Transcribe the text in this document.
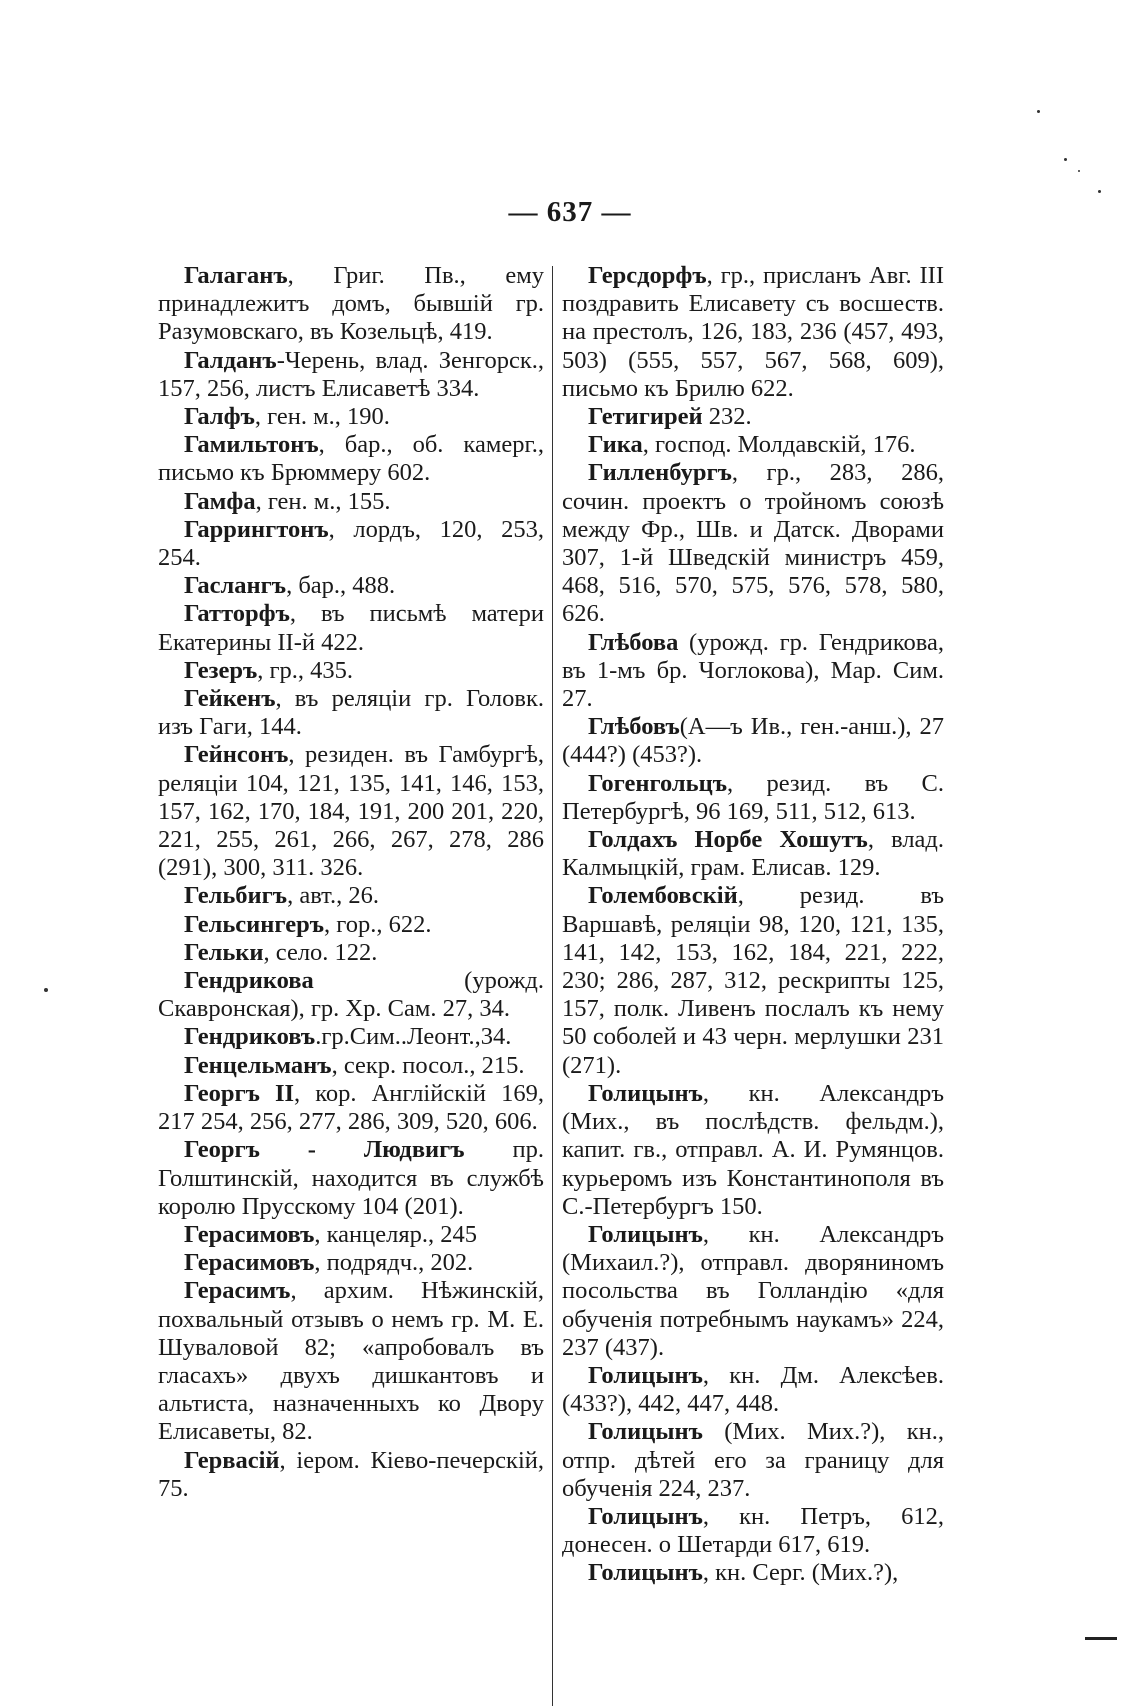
— 637 —

Галаганъ, Григ. Пв., ему принадлежитъ домъ, бывшій гр. Разумовскаго, въ Козельцѣ, 419.

Галданъ-Черень, влад. Зенгорск., 157, 256, листъ Елисаветѣ 334.

Галфъ, ген. м., 190.

Гамильтонъ, бар., об. камерг., письмо къ Брюммеру 602.

Гамфа, ген. м., 155.

Гаррингтонъ, лордъ, 120, 253, 254.

Гаслангъ, бар., 488.

Гатторфъ, въ письмѣ матери Екатерины II-й 422.

Гезеръ, гр., 435.

Гейкенъ, въ реляціи гр. Головк. изъ Гаги, 144.

Гейнсонъ, резиден. въ Гамбургѣ, реляціи 104, 121, 135, 141, 146, 153, 157, 162, 170, 184, 191, 200 201, 220, 221, 255, 261, 266, 267, 278, 286 (291), 300, 311. 326.

Гельбигъ, авт., 26.

Гельсингеръ, гор., 622.

Гельки, село. 122.

Гендрикова (урожд. Скавронская), гр. Хр. Сам. 27, 34.

Гендриковъ.гр.Сим..Леонт.,34.

Генцельманъ, секр. посол., 215.

Георгъ II, кор. Англійскій 169, 217 254, 256, 277, 286, 309, 520, 606.

Георгъ - Людвигъ пр. Голштинскій, находится въ службѣ королю Прусскому 104 (201).

Герасимовъ, канцеляр., 245

Герасимовъ, подрядч., 202.

Герасимъ, архим. Нѣжинскій, похвальный отзывъ о немъ гр. М. Е. Шуваловой 82; «апробовалъ въ гласахъ» двухъ дишкантовъ и альтиста, назначенныхъ ко Двору Елисаветы, 82.

Гервасій, іером. Кіево-печерскій, 75.

Герсдорфъ, гр., присланъ Авг. III поздравить Елисавету съ восшеств. на престолъ, 126, 183, 236 (457, 493, 503) (555, 557, 567, 568, 609), письмо къ Брилю 622.

Гетигирей 232.

Гика, господ. Молдавскій, 176.

Гилленбургъ, гр., 283, 286, сочин. проектъ о тройномъ союзѣ между Фр., Шв. и Датск. Дворами 307, 1-й Шведскій министръ 459, 468, 516, 570, 575, 576, 578, 580, 626.

Глѣбова (урожд. гр. Гендрикова, въ 1-мъ бр. Чоглокова), Мар. Сим. 27.

Глѣбовъ(А—ъ Ив., ген.-анш.), 27 (444?) (453?).

Гогенгольцъ, резид. въ С. Петербургѣ, 96 169, 511, 512, 613.

Голдахъ Норбе Хошутъ, влад. Калмыцкій, грам. Елисав. 129.

Голембовскій, резид. въ Варшавѣ, реляціи 98, 120, 121, 135, 141, 142, 153, 162, 184, 221, 222, 230; 286, 287, 312, рескрипты 125, 157, полк. Ливенъ послалъ къ нему 50 соболей и 43 черн. мерлушки 231 (271).

Голицынъ, кн. Александръ (Мих., въ послѣдств. фельдм.), капит. гв., отправл. А. И. Румянцов. курьеромъ изъ Константинополя въ С.-Петербургъ 150.

Голицынъ, кн. Александръ (Михаил.?), отправл. дворяниномъ посольства въ Голландію «для обученія потребнымъ наукамъ» 224, 237 (437).

Голицынъ, кн. Дм. Алексѣев. (433?), 442, 447, 448.

Голицынъ (Мих. Мих.?), кн., отпр. дѣтей его за границу для обученія 224, 237.

Голицынъ, кн. Петръ, 612, донесен. о Шетарди 617, 619.

Голицынъ, кн. Серг. (Мих.?),
